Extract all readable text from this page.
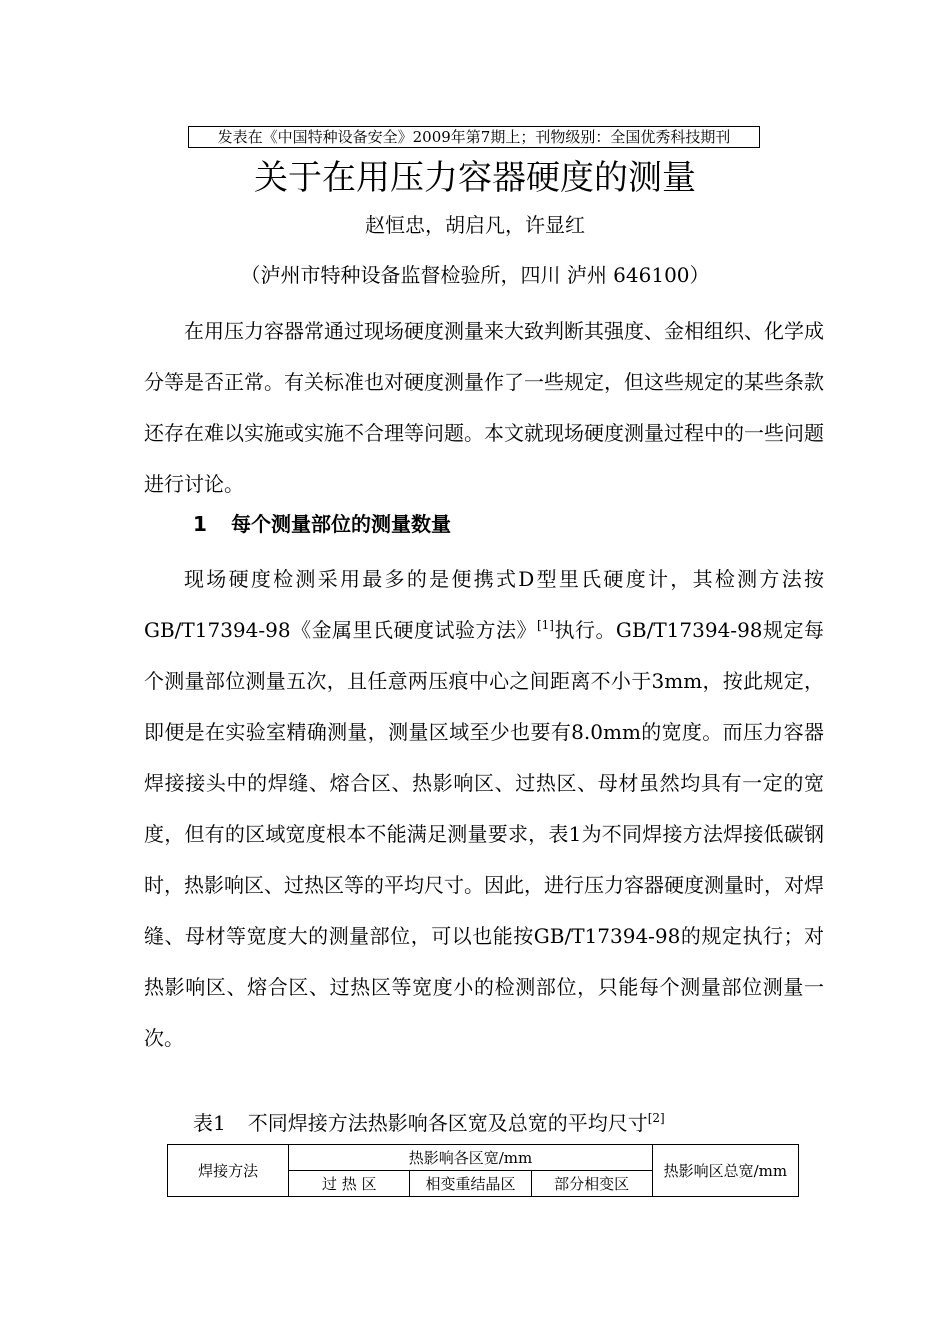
发表在《中国特种设备安全》2009年第7期上；刊物级别：全国优秀科技期刊
关于在用压力容器硬度的测量
赵恒忠，胡启凡，许显红
（泸州市特种设备监督检验所，四川 泸州 646100）
在用压力容器常通过现场硬度测量来大致判断其强度、金相组织、化学成分等是否正常。有关标准也对硬度测量作了一些规定，但这些规定的某些条款还存在难以实施或实施不合理等问题。本文就现场硬度测量过程中的一些问题进行讨论。
1 每个测量部位的测量数量
现场硬度检测采用最多的是便携式D型里氏硬度计，其检测方法按GB/T17394-98《金属里氏硬度试验方法》[1]执行。GB/T17394-98规定每个测量部位测量五次，且任意两压痕中心之间距离不小于3mm，按此规定，即便是在实验室精确测量，测量区域至少也要有8.0mm的宽度。而压力容器焊接接头中的焊缝、熔合区、热影响区、过热区、母材虽然均具有一定的宽度，但有的区域宽度根本不能满足测量要求，表1为不同焊接方法焊接低碳钢时，热影响区、过热区等的平均尺寸。因此，进行压力容器硬度测量时，对焊缝、母材等宽度大的测量部位，可以也能按GB/T17394-98的规定执行；对热影响区、熔合区、过热区等宽度小的检测部位，只能每个测量部位测量一次。
表1 不同焊接方法热影响各区宽及总宽的平均尺寸[2]
焊接方法	热影响各区宽/mm			热影响区总宽/mm
	过 热 区	相变重结晶区	部分相变区	
